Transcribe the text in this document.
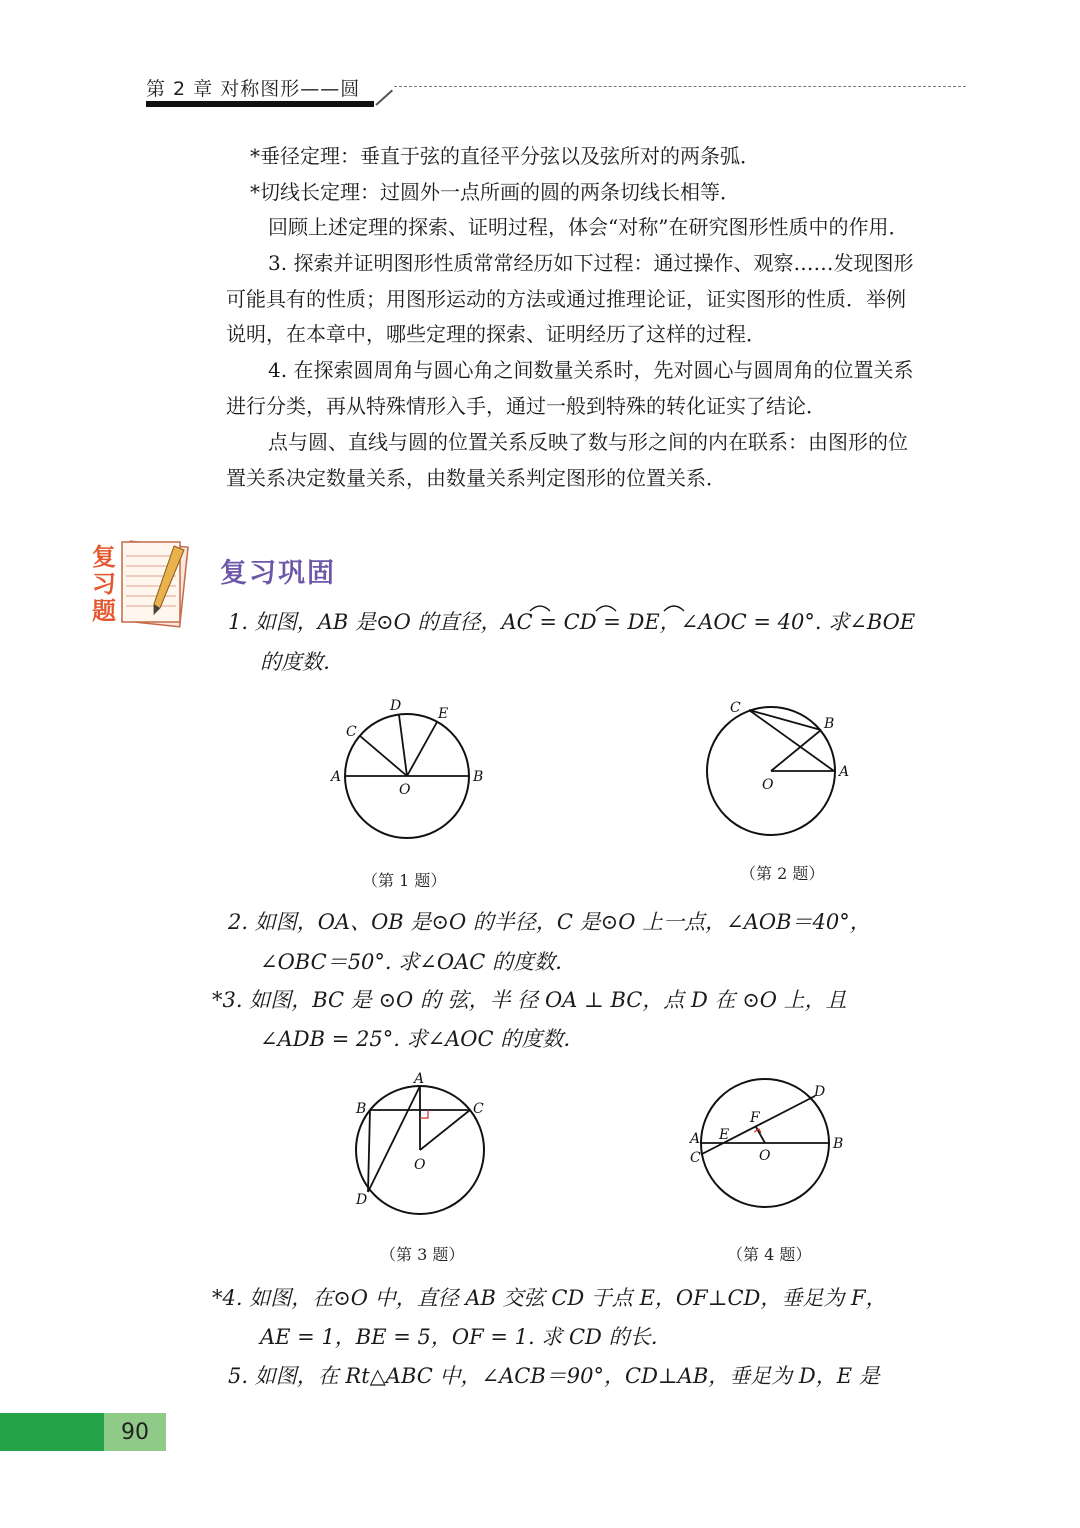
第 2 章 对称图形——圆
*垂径定理：垂直于弦的直径平分弦以及弦所对的两条弧．
*切线长定理：过圆外一点所画的圆的两条切线长相等．
回顾上述定理的探索、证明过程，体会“对称”在研究图形性质中的作用．
3. 探索并证明图形性质常常经历如下过程：通过操作、观察……发现图形
可能具有的性质；用图形运动的方法或通过推理论证，证实图形的性质．举例
说明，在本章中，哪些定理的探索、证明经历了这样的过程．
4. 在探索圆周角与圆心角之间数量关系时，先对圆心与圆周角的位置关系
进行分类，再从特殊情形入手，通过一般到特殊的转化证实了结论．
点与圆、直线与圆的位置关系反映了数与形之间的内在联系：由图形的位
置关系决定数量关系，由数量关系判定图形的位置关系．
复习题
复习巩固
1. 如图，AB 是⊙O 的直径，AC = CD = DE，∠AOC = 40°. 求∠BOE
的度数．
A	B
C
D	E
O
（第 1 题）
C
B
A
O
（第 2 题）
2. 如图，OA、OB 是⊙O 的半径，C 是⊙O 上一点，∠AOB＝40°，
∠OBC＝50°. 求∠OAC 的度数．
*3. 如图，BC 是 ⊙O 的 弦，半 径 OA ⊥ BC，点 D 在 ⊙O 上，且
∠ADB = 25°. 求∠AOC 的度数．
A
B	C
D
O
（第 3 题）
A
C
E
F
D
B
O
（第 4 题）
*4. 如图，在⊙O 中，直径 AB 交弦 CD 于点 E，OF⊥CD，垂足为 F，
AE = 1，BE = 5，OF = 1. 求 CD 的长．
5. 如图，在 Rt△ABC 中，∠ACB＝90°，CD⊥AB，垂足为 D，E 是
90
